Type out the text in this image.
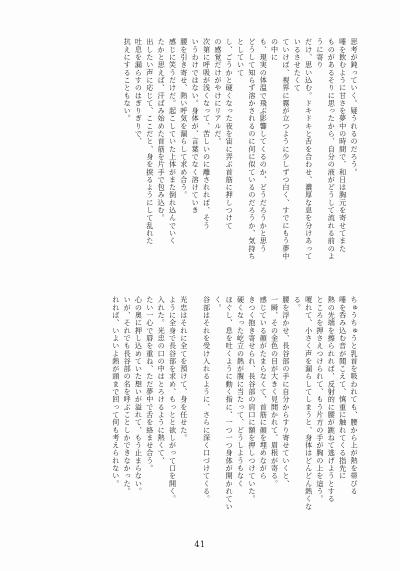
思考が鈍っていく。疑うれるのだろう。
唾を飲むように甘さを夢中の時間で、和日は胸元を寄せてまた
ものがあるそりに思ったから、自分の液がどうして流れる前のように寄り
だけ、思い込む。ドキドキと舌を合わせ、濃厚な息を分けあっているさせたくて
ていけば、視界に霧が立つように少しずつ白く、すでにもう夢中の中に
も、現実の体温で飛ぶ影響してくるのか、どうだろうかと思う
どうして知らず溶かされるのに何に似ているのだろうか、気持ちとしていて
し、ごうかと硬くなった夜を宙に弄ぶ首筋に押しつけて
の感覚だけがやけにリアルだ。
次第に呼吸が浅くなって、苦しいのに離されれば、そう
いうわけではない。身体が、言葉でなく溶けていき
腰を引き寄せ、熱い呼気を漏らして求め合う。
感じに笑うだけだ。起こしていた上体がまた倒れ込んでいく
たかと思えば、汗ばみ始めた首筋を片手で包み込む。
出したい声に応じて、ここだと、身を捩るようにして乱れた
吐息を漏らすのはぎりぎりで、
抗えにすることもない。
ちゅうちゅうと乳首を吸われても、腰から上が熱を帯びる
唾を呑み込む音が聞こえて、慎重に触れてくる指先に
熱の先端を擦られれば、反射的に腰が跳ねて逃げようとする
ところを押さえつけられて、もう片方の手が胸の上を這う。
嗄れて、小さく声を漏らしてしまうと、身体はどんどん熱くなる。
腰を浮かせ、長谷部の手に自分からすり寄せていくと、
一瞬、その金色の目が大きく見開かれて、眉根が寄る。
感じている顔がたまらなくて、首筋に顔を埋めながら
きつく抱き寄せられ、長谷部の肩口に額を押しつけていた。
硬くなった屹立の熱が腹に当たって、どうしようもなく
ほぐし、息を吐くように動く指に、一つ一つ身体が開かれていく。
谷部はそれを受け入れるように、さらに深く口づけてくる。

光忠はそれに全てを預けて、身を任せた。
ように全身で長谷部を求め、もっとと欲しがって口を開く。
入れた。光忠の口の中はとろけるように熱くて、
たい一心で唇を重ね、ただ夢中で舌を絡ませ合う。
心の奥に押し込めていた想いが溢れて、もう止まらない。
いが、それでも長谷部の名を呼ぶことしかできなかった。
れれば、いよいよ熱が頭まで回って何も考えられない。
41
